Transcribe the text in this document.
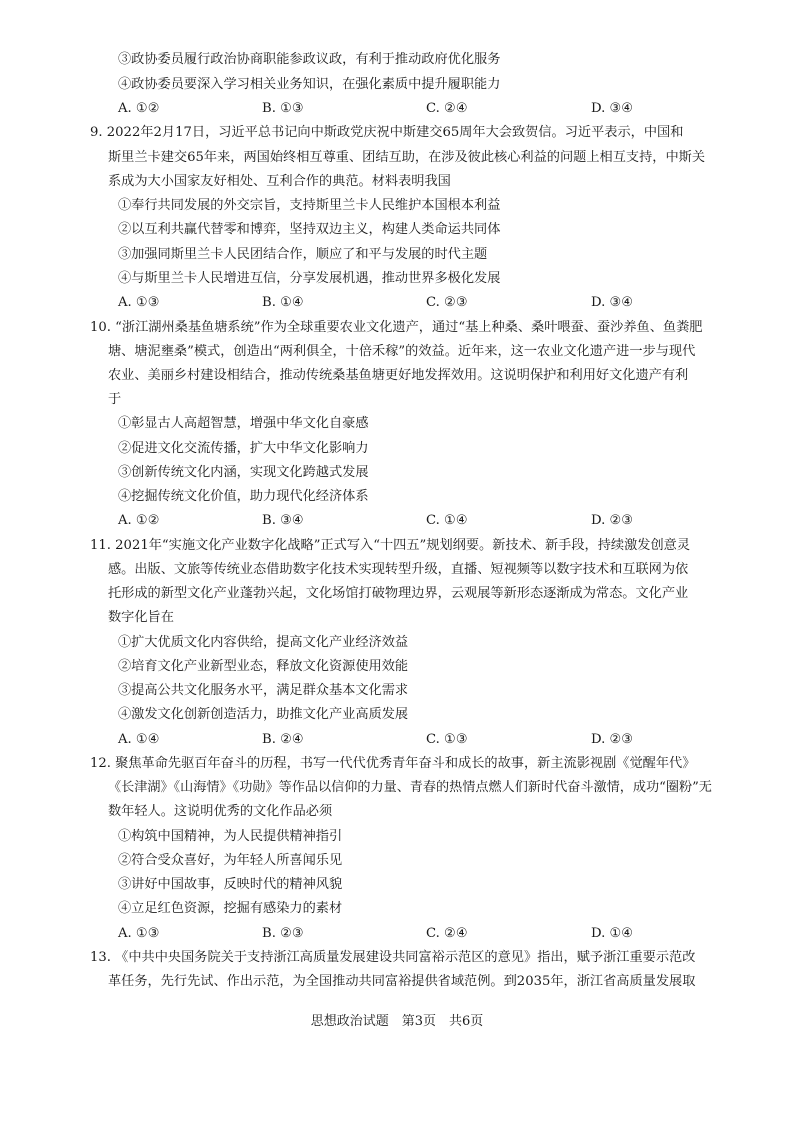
③政协委员履行政治协商职能参政议政，有利于推动政府优化服务
④政协委员要深入学习相关业务知识，在强化素质中提升履职能力
A. ①②	B. ①③	C. ②④	D. ③④
9. 2022年2月17日，习近平总书记向中斯政党庆祝中斯建交65周年大会致贺信。习近平表示，中国和
斯里兰卡建交65年来，两国始终相互尊重、团结互助，在涉及彼此核心利益的问题上相互支持，中斯关
系成为大小国家友好相处、互利合作的典范。材料表明我国
①奉行共同发展的外交宗旨，支持斯里兰卡人民维护本国根本利益
②以互利共赢代替零和博弈，坚持双边主义，构建人类命运共同体
③加强同斯里兰卡人民团结合作，顺应了和平与发展的时代主题
④与斯里兰卡人民增进互信，分享发展机遇，推动世界多极化发展
A. ①③	B. ①④	C. ②③	D. ③④
10. “浙江湖州桑基鱼塘系统”作为全球重要农业文化遗产，通过“基上种桑、桑叶喂蚕、蚕沙养鱼、鱼粪肥
塘、塘泥壅桑”模式，创造出“两利俱全，十倍禾稼”的效益。近年来，这一农业文化遗产进一步与现代
农业、美丽乡村建设相结合，推动传统桑基鱼塘更好地发挥效用。这说明保护和利用好文化遗产有利
于
①彰显古人高超智慧，增强中华文化自豪感
②促进文化交流传播，扩大中华文化影响力
③创新传统文化内涵，实现文化跨越式发展
④挖掘传统文化价值，助力现代化经济体系
A. ①②	B. ③④	C. ①④	D. ②③
11. 2021年“实施文化产业数字化战略”正式写入“十四五”规划纲要。新技术、新手段，持续激发创意灵
感。出版、文旅等传统业态借助数字化技术实现转型升级，直播、短视频等以数字技术和互联网为依
托形成的新型文化产业蓬勃兴起，文化场馆打破物理边界，云观展等新形态逐渐成为常态。文化产业
数字化旨在
①扩大优质文化内容供给，提高文化产业经济效益
②培育文化产业新型业态，释放文化资源使用效能
③提高公共文化服务水平，满足群众基本文化需求
④激发文化创新创造活力，助推文化产业高质发展
A. ①④	B. ②④	C. ①③	D. ②③
12. 聚焦革命先驱百年奋斗的历程，书写一代代优秀青年奋斗和成长的故事，新主流影视剧《觉醒年代》
《长津湖》《山海情》《功勋》等作品以信仰的力量、青春的热情点燃人们新时代奋斗激情，成功“圈粉”无
数年轻人。这说明优秀的文化作品必须
①构筑中国精神，为人民提供精神指引
②符合受众喜好，为年轻人所喜闻乐见
③讲好中国故事，反映时代的精神风貌
④立足红色资源，挖掘有感染力的素材
A. ①③	B. ②③	C. ②④	D. ①④
13. 《中共中央国务院关于支持浙江高质量发展建设共同富裕示范区的意见》指出，赋予浙江重要示范改
革任务，先行先试、作出示范，为全国推动共同富裕提供省域范例。到2035年，浙江省高质量发展取
思想政治试题　第3页　共6页
